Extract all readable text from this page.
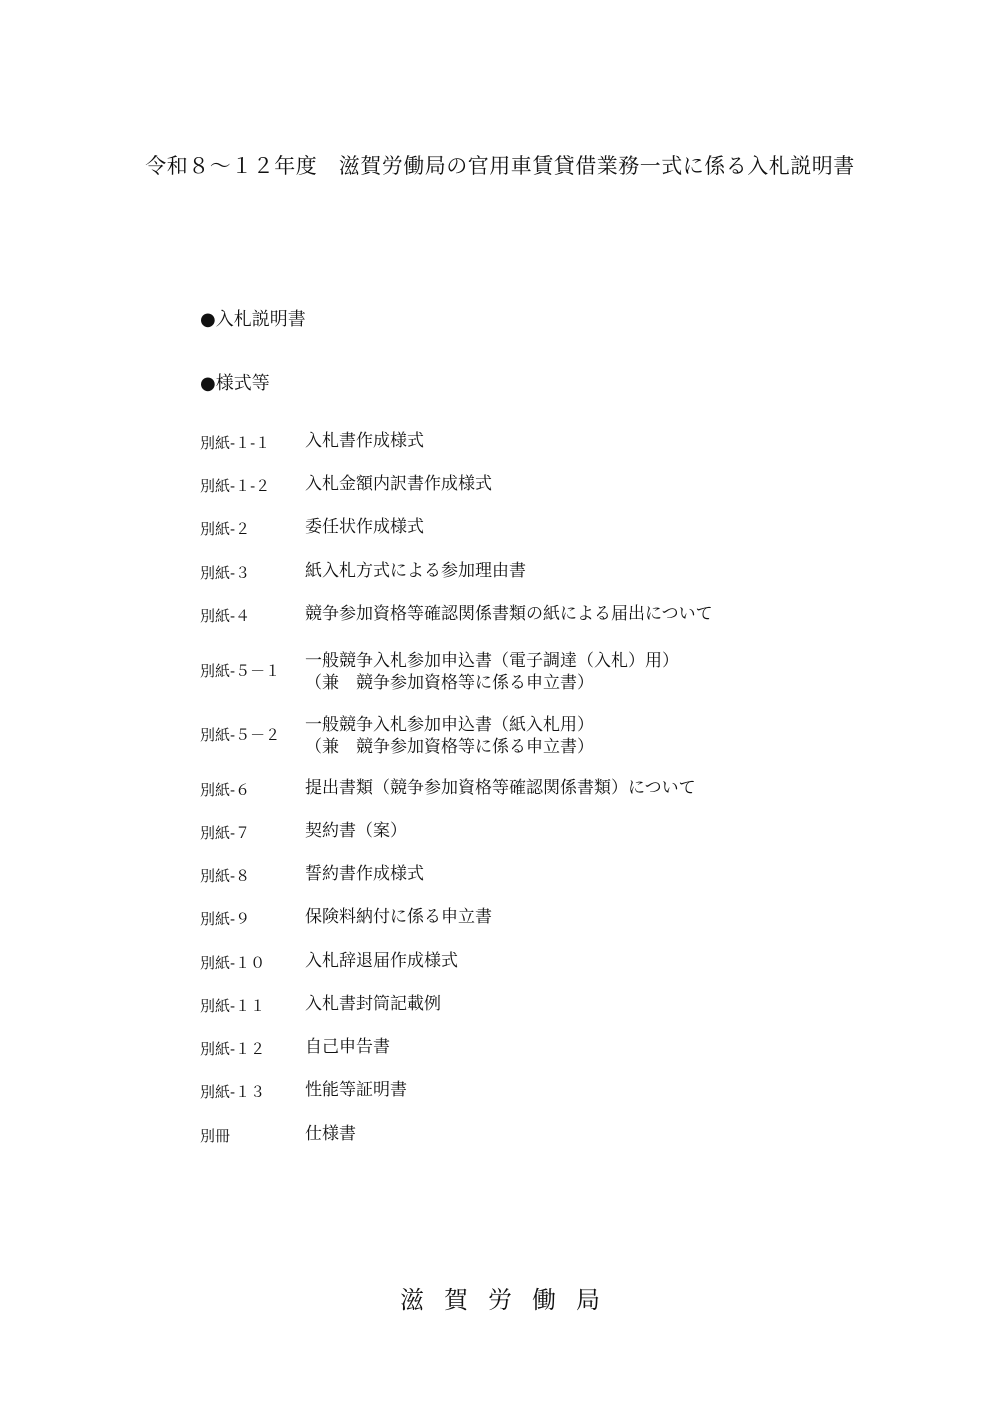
令和８～１２年度　滋賀労働局の官用車賃貸借業務一式に係る入札説明書
●入札説明書
●様式等
別紙-１-１ 入札書作成様式
別紙-１-２ 入札金額内訳書作成様式
別紙-２	委任状作成様式
別紙-３	紙入札方式による参加理由書
別紙-４	競争参加資格等確認関係書類の紙による届出について
別紙-５－１ 一般競争入札参加申込書（電子調達（入札）用）
（兼　競争参加資格等に係る申立書）
別紙-５－２ 一般競争入札参加申込書（紙入札用）
（兼　競争参加資格等に係る申立書）
別紙-６	提出書類（競争参加資格等確認関係書類）について
別紙-７	契約書（案）
別紙-８	誓約書作成様式
別紙-９	保険料納付に係る申立書
別紙-１０ 入札辞退届作成様式
別紙-１１ 入札書封筒記載例
別紙-１２ 自己申告書
別紙-１３ 性能等証明書
別冊	仕様書
滋賀労働局
